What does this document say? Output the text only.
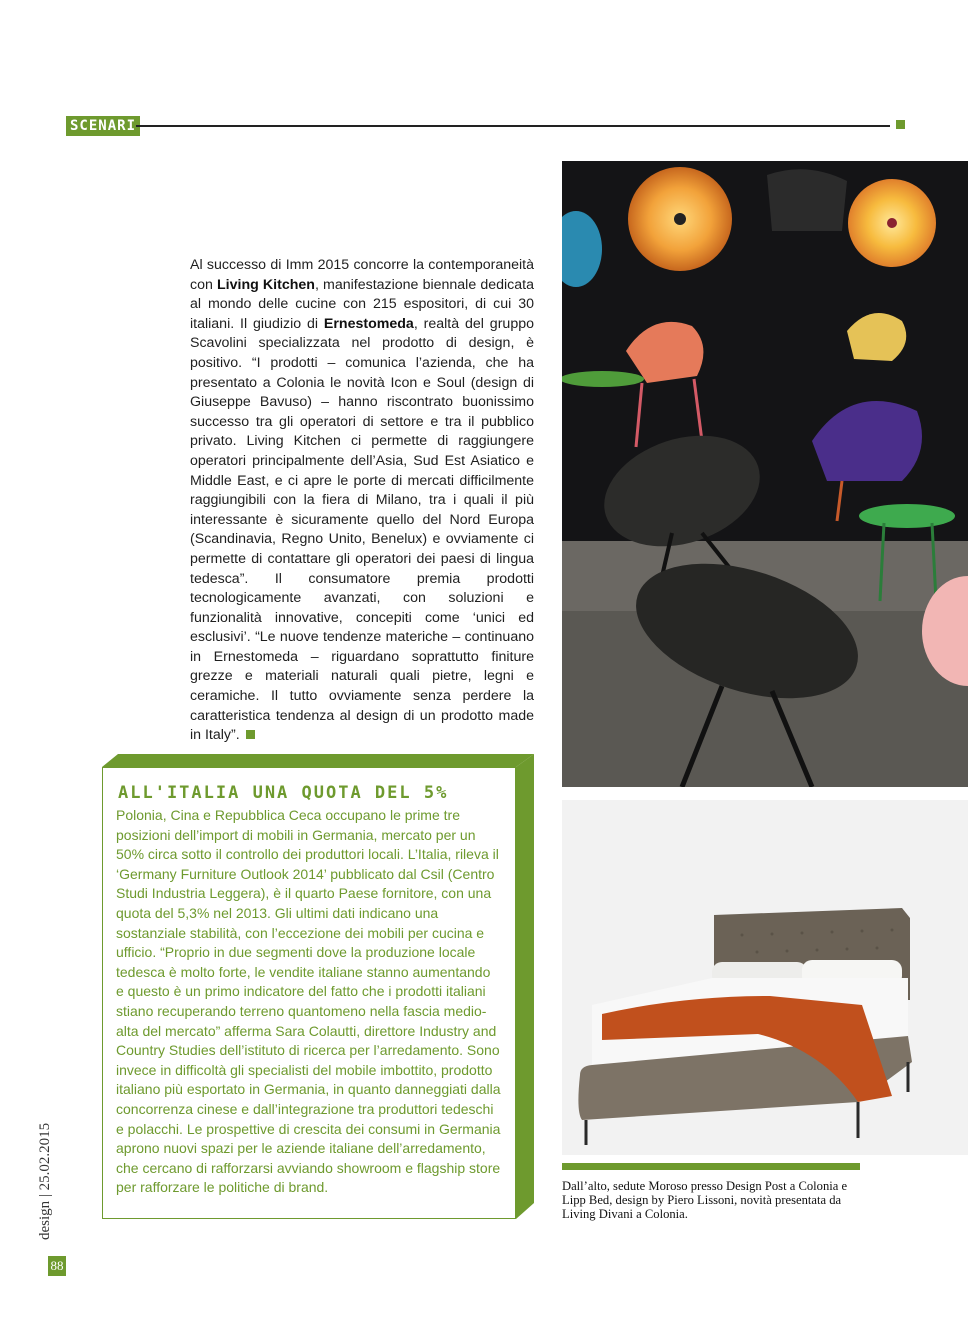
SCENARI

Al successo di Imm 2015 concorre la contemporaneità con Living Kitchen, manifestazione biennale dedicata al mondo delle cucine con 215 espositori, di cui 30 italiani. Il giudizio di Ernestomeda, realtà del gruppo Scavolini specializzata nel prodotto di design, è positivo. “I prodotti – comunica l’azienda, che ha presentato a Colonia le novità Icon e Soul (design di Giuseppe Bavuso) – hanno riscontrato buonissimo successo tra gli operatori di settore e tra il pubblico privato. Living Kitchen ci permette di raggiungere operatori principalmente dell’Asia, Sud Est Asiatico e Middle East, e ci apre le porte di mercati difficilmente raggiungibili con la fiera di Milano, tra i quali il più interessante è sicuramente quello del Nord Europa (Scandinavia, Regno Unito, Benelux) e ovviamente ci permette di contattare gli operatori dei paesi di lingua tedesca”. Il consumatore premia prodotti tecnologicamente avanzati, con soluzioni e funzionalità innovative, concepiti come ‘unici ed esclusivi’. “Le nuove tendenze materiche – continuano in Ernestomeda – riguardano soprattutto finiture grezze e materiali naturali quali pietre, legni e ceramiche. Il tutto ovviamente senza perdere la caratteristica tendenza al design di un prodotto made in Italy”.

ALL'ITALIA UNA QUOTA DEL 5%

Polonia, Cina e Repubblica Ceca occupano le prime tre posizioni dell’import di mobili in Germania, mercato per un 50% circa sotto il controllo dei produttori locali. L’Italia, rileva il ‘Germany Furniture Outlook 2014’ pubblicato dal Csil (Centro Studi Industria Leggera), è il quarto Paese fornitore, con una quota del 5,3% nel 2013. Gli ultimi dati indicano una sostanziale stabilità, con l’eccezione dei mobili per cucina e ufficio. “Proprio in due segmenti dove la produzione locale tedesca è molto forte, le vendite italiane stanno aumentando e questo è un primo indicatore del fatto che i prodotti italiani stiano recuperando terreno quantomeno nella fascia medio-alta del mercato” afferma Sara Colautti, direttore Industry and Country Studies dell’istituto di ricerca per l’arredamento. Sono invece in difficoltà gli specialisti del mobile imbottito, prodotto italiano più esportato in Germania, in quanto danneggiati dalla concorrenza cinese e dall’integrazione tra produttori tedeschi e polacchi. Le prospettive di crescita dei consumi in Germania aprono nuovi spazi per le aziende italiane dell’arredamento, che cercano di rafforzarsi avviando showroom e flagship store per rafforzare le politiche di brand.	Dall’alto, sedute Moroso presso Design Post a Colonia e Lipp Bed, design by Piero Lissoni, novità presentata da Living Divani a Colonia.

design | 25.02.2015
88
